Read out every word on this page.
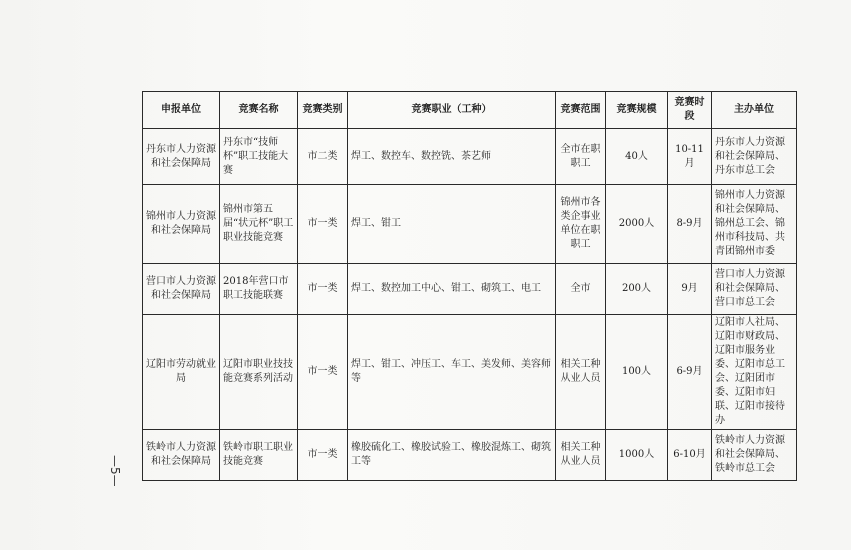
申报单位	竞赛名称	竞赛类别	竞赛职业（工种）	竞赛范围	竞赛规模	竞赛时段	主办单位
丹东市人力资源和社会保障局	丹东市“技师杯”职工技能大赛	市二类	焊工、数控车、数控铣、茶艺师	全市在职职工	40人	10-11月	丹东市人力资源和社会保障局、丹东市总工会
锦州市人力资源和社会保障局	锦州市第五届“状元杯”职工职业技能竞赛	市一类	焊工、钳工	锦州市各类企事业单位在职职工	2000人	8-9月	锦州市人力资源和社会保障局、锦州总工会、锦州市科技局、共青团锦州市委
营口市人力资源和社会保障局	2018年营口市职工技能联赛	市一类	焊工、数控加工中心、钳工、砌筑工、电工	全市	200人	9月	营口市人力资源和社会保障局、营口市总工会
辽阳市劳动就业局	辽阳市职业技技能竞赛系列活动	市一类	焊工、钳工、冲压工、车工、美发师、美容师等	相关工种从业人员	100人	6-9月	辽阳市人社局、辽阳市财政局、辽阳市服务业委、辽阳市总工会、辽阳团市委、辽阳市妇联、辽阳市接待办
铁岭市人力资源和社会保障局	铁岭市职工职业技能竞赛	市一类	橡胶硫化工、橡胶试验工、橡胶混炼工、砌筑工等	相关工种从业人员	1000人	6-10月	铁岭市人力资源和社会保障局、铁岭市总工会
—5—
